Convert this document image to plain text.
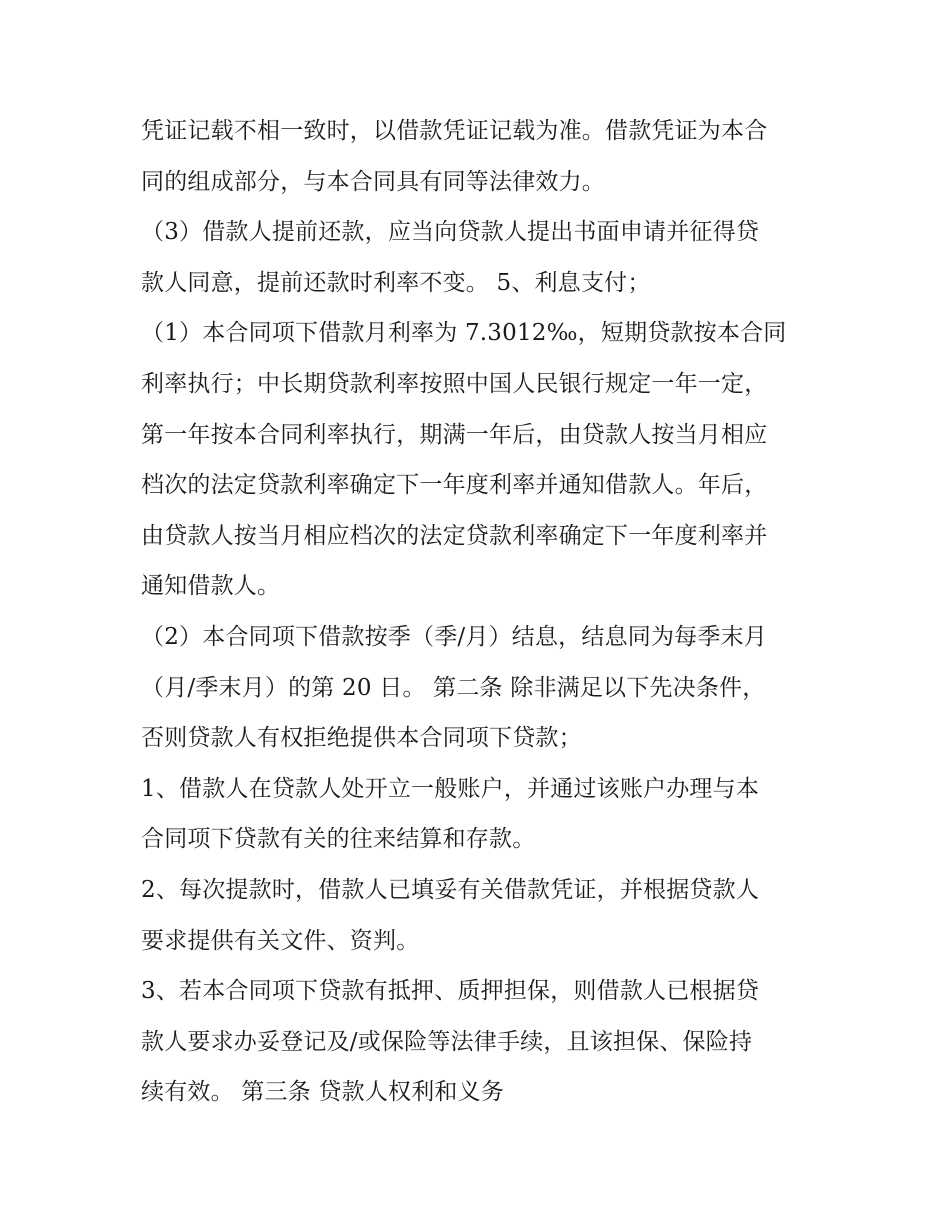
凭证记载不相一致时，以借款凭证记载为准。借款凭证为本合
同的组成部分，与本合同具有同等法律效力。
（3）借款人提前还款，应当向贷款人提出书面申请并征得贷
款人同意，提前还款时利率不变。 5、利息支付；
（1）本合同项下借款月利率为 7.3012‰，短期贷款按本合同
利率执行；中长期贷款利率按照中国人民银行规定一年一定，
第一年按本合同利率执行，期满一年后，由贷款人按当月相应
档次的法定贷款利率确定下一年度利率并通知借款人。年后，
由贷款人按当月相应档次的法定贷款利率确定下一年度利率并
通知借款人。
（2）本合同项下借款按季（季/月）结息，结息同为每季末月
（月/季末月）的第 20 日。 第二条 除非满足以下先决条件，
否则贷款人有权拒绝提供本合同项下贷款；
1、借款人在贷款人处开立一般账户，并通过该账户办理与本
合同项下贷款有关的往来结算和存款。
2、每次提款时，借款人已填妥有关借款凭证，并根据贷款人
要求提供有关文件、资判。
3、若本合同项下贷款有抵押、质押担保，则借款人已根据贷
款人要求办妥登记及/或保险等法律手续，且该担保、保险持
续有效。 第三条 贷款人权利和义务
